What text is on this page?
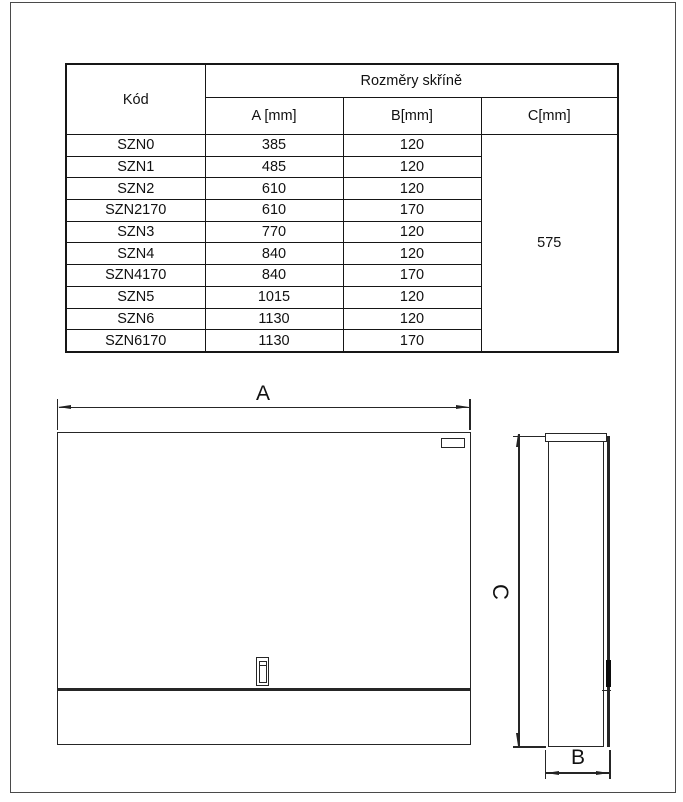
Kód	Rozměry skříně		
	A [mm]	B[mm]	C[mm]
SZN0	385	120	575
SZN1	485	120	
SZN2	610	120	
SZN2170	610	170	
SZN3	770	120	
SZN4	840	120	
SZN4170	840	170	
SZN5	1015	120	
SZN6	1130	120	
SZN6170	1130	170	
A
C
B
